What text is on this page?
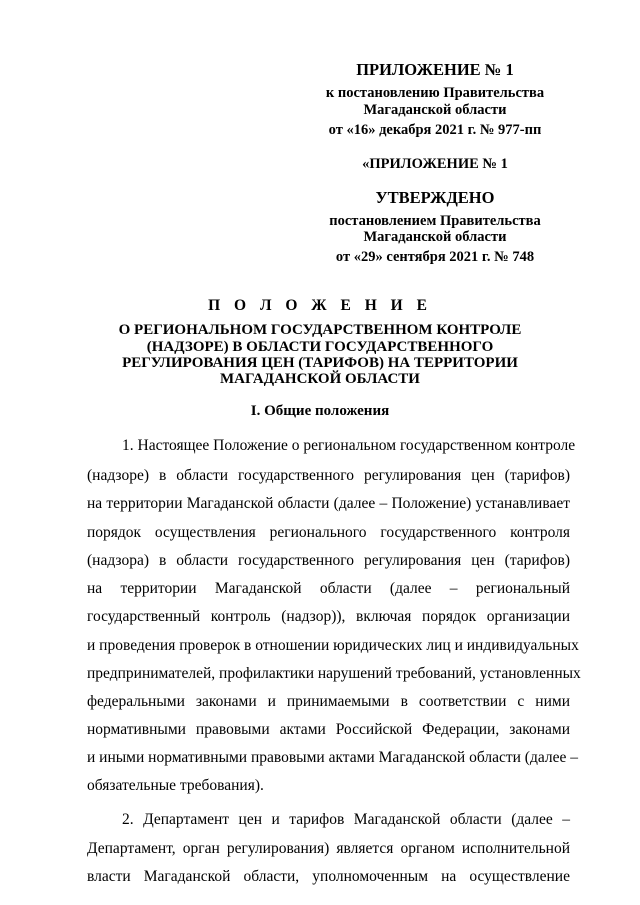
ПРИЛОЖЕНИЕ № 1
к постановлению Правительства
Магаданской области
от «16» декабря 2021 г. № 977-пп
«ПРИЛОЖЕНИЕ № 1
УТВЕРЖДЕНО
постановлением Правительства
Магаданской области
от «29» сентября 2021 г. № 748
П О Л О Ж Е Н И Е
О РЕГИОНАЛЬНОМ ГОСУДАРСТВЕННОМ КОНТРОЛЕ
(НАДЗОРЕ) В ОБЛАСТИ ГОСУДАРСТВЕННОГО
РЕГУЛИРОВАНИЯ ЦЕН (ТАРИФОВ) НА ТЕРРИТОРИИ
МАГАДАНСКОЙ ОБЛАСТИ
I. Общие положения
1. Настоящее Положение о региональном государственном контроле
(надзоре) в области государственного регулирования цен (тарифов)
на территории Магаданской области (далее – Положение) устанавливает
порядок осуществления регионального государственного контроля
(надзора) в области государственного регулирования цен (тарифов)
на территории Магаданской области (далее – региональный
государственный контроль (надзор)), включая порядок организации
и проведения проверок в отношении юридических лиц и индивидуальных
предпринимателей, профилактики нарушений требований, установленных
федеральными законами и принимаемыми в соответствии с ними
нормативными правовыми актами Российской Федерации, законами
и иными нормативными правовыми актами Магаданской области (далее –
обязательные требования).
2. Департамент цен и тарифов Магаданской области (далее –
Департамент, орган регулирования) является органом исполнительной
власти Магаданской области, уполномоченным на осуществление
